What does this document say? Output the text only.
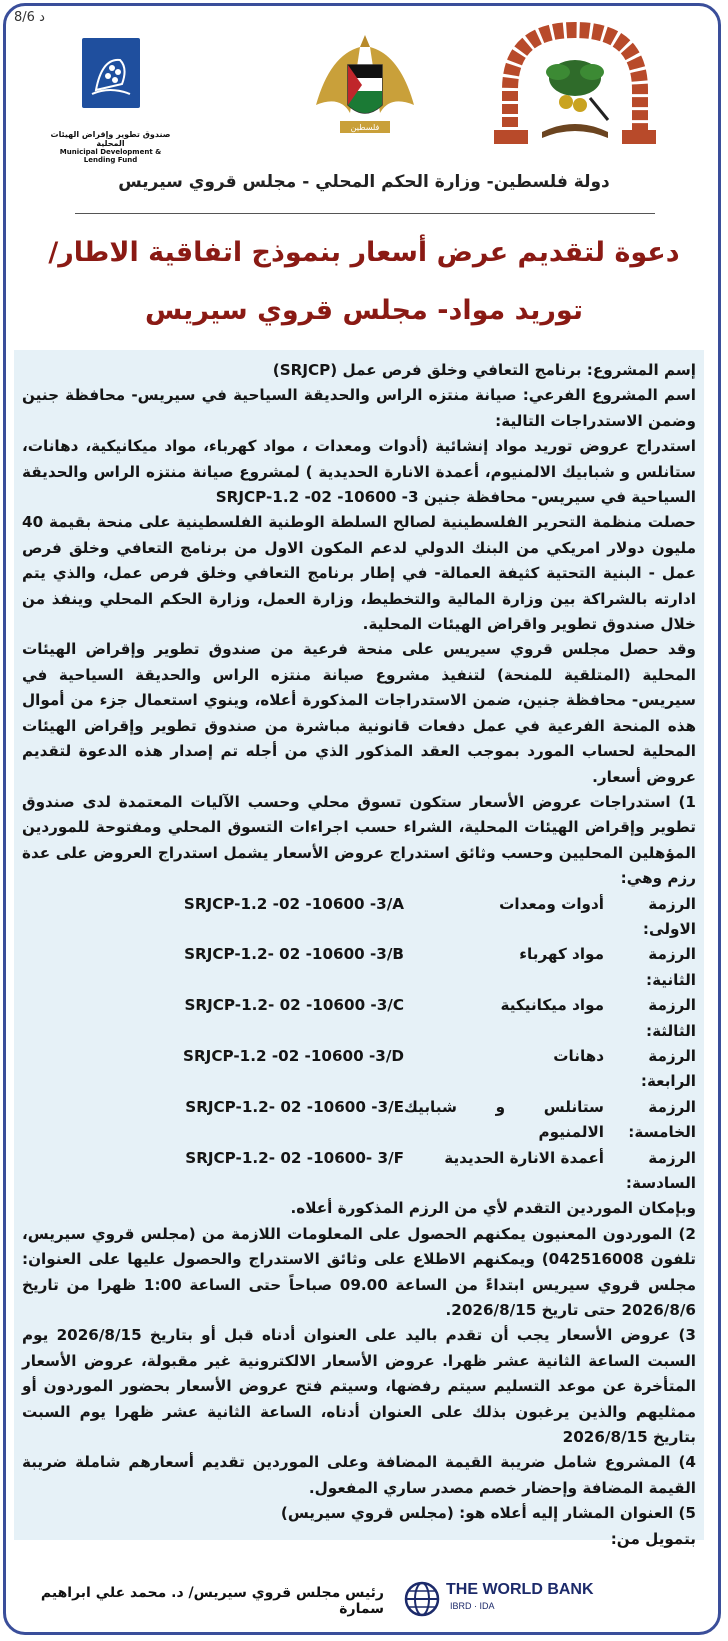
8/6 د
صندوق تطوير وإقراض الهيئات المحلية
Municipal Development & Lending Fund
فلسطين
دولة فلسطين- وزارة الحكم المحلي - مجلس قروي سيريس
دعوة لتقديم عرض أسعار بنموذج اتفاقية الاطار/
توريد مواد- مجلس قروي سيريس

إسم المشروع: برنامج التعافي وخلق فرص عمل (SRJCP)

اسم المشروع الفرعي: صيانة منتزه الراس والحديقة السياحية في سيريس- محافظة جنين وضمن الاستدراجات التالية:

استدراج عروض توريد مواد إنشائية (أدوات ومعدات ، مواد كهرباء، مواد ميكانيكية، دهانات، ستانلس و شبابيك الالمنيوم، أعمدة الانارة الحديدية ) لمشروع صيانة منتزه الراس والحديقة السياحية في سيريس- محافظة جنين 3- 10600- 02- SRJCP-1.2

حصلت منظمة التحرير الفلسطينية لصالح السلطة الوطنية الفلسطينية على منحة بقيمة 40 مليون دولار امريكي من البنك الدولي لدعم المكون الاول من برنامج التعافي وخلق فرص عمل - البنية التحتية كثيفة العمالة- في إطار برنامج التعافي وخلق فرص عمل، والذي يتم ادارته بالشراكة بين وزارة المالية والتخطيط، وزارة العمل، وزارة الحكم المحلي وينفذ من خلال صندوق تطوير واقراض الهيئات المحلية.

وقد حصل مجلس قروي سيريس على منحة فرعية من صندوق تطوير وإقراض الهيئات المحلية (المتلقية للمنحة) لتنفيذ مشروع صيانة منتزه الراس والحديقة السياحية في سيريس- محافظة جنين، ضمن الاستدراجات المذكورة أعلاه، وينوي استعمال جزء من أموال هذه المنحة الفرعية في عمل دفعات قانونية مباشرة من صندوق تطوير وإقراض الهيئات المحلية لحساب المورد بموجب العقد المذكور الذي من أجله تم إصدار هذه الدعوة لتقديم عروض أسعار.

1) استدراجات عروض الأسعار ستكون تسوق محلي وحسب الآليات المعتمدة لدى صندوق تطوير وإقراض الهيئات المحلية، الشراء حسب اجراءات التسوق المحلي ومفتوحة للموردين المؤهلين المحليين وحسب وثائق استدراج عروض الأسعار يشمل استدراج العروض على عدة رزم وهي:

الرزمة الاولى:
أدوات ومعدات
SRJCP-1.2 -02 -10600 -3/A
الرزمة الثانية:
مواد كهرباء
SRJCP-1.2- 02 -10600 -3/B
الرزمة الثالثة:
مواد ميكانيكية
SRJCP-1.2- 02 -10600 -3/C
الرزمة الرابعة:
دهانات
SRJCP-1.2 -02 -10600 -3/D
الرزمة الخامسة:
ستانلس و شبابيك الالمنيوم
SRJCP-1.2- 02 -10600 -3/E
الرزمة السادسة:
أعمدة الانارة الحديدية
SRJCP-1.2- 02 -10600- 3/F

وبإمكان الموردين التقدم لأي من الرزم المذكورة أعلاه.

2) الموردون المعنيون يمكنهم الحصول على المعلومات اللازمة من (مجلس قروي سيريس، تلفون 042516008) ويمكنهم الاطلاع على وثائق الاستدراج والحصول عليها على العنوان: مجلس قروي سيريس ابتداءً من الساعة 09.00 صباحاً حتى الساعة 1:00 ظهرا من تاريخ 2026/8/6 حتى تاريخ 2026/8/15.

3) عروض الأسعار يجب أن تقدم باليد على العنوان أدناه قبل أو بتاريخ 2026/8/15 يوم السبت الساعة الثانية عشر ظهرا. عروض الأسعار الالكترونية غير مقبولة، عروض الأسعار المتأخرة عن موعد التسليم سيتم رفضها، وسيتم فتح عروض الأسعار بحضور الموردون أو ممثليهم والذين يرغبون بذلك على العنوان أدناه، الساعة الثانية عشر ظهرا يوم السبت بتاريخ 2026/8/15

4) المشروع شامل ضريبة القيمة المضافة وعلى الموردين تقديم أسعارهم شاملة ضريبة القيمة المضافة وإحضار خصم مصدر ساري المفعول.

5) العنوان المشار إليه أعلاه هو: (مجلس قروي سيريس)

بتمويل من:

THE WORLD BANK
IBRD · IDA
رئيس مجلس قروي سيريس/ د. محمد علي ابراهيم سمارة
